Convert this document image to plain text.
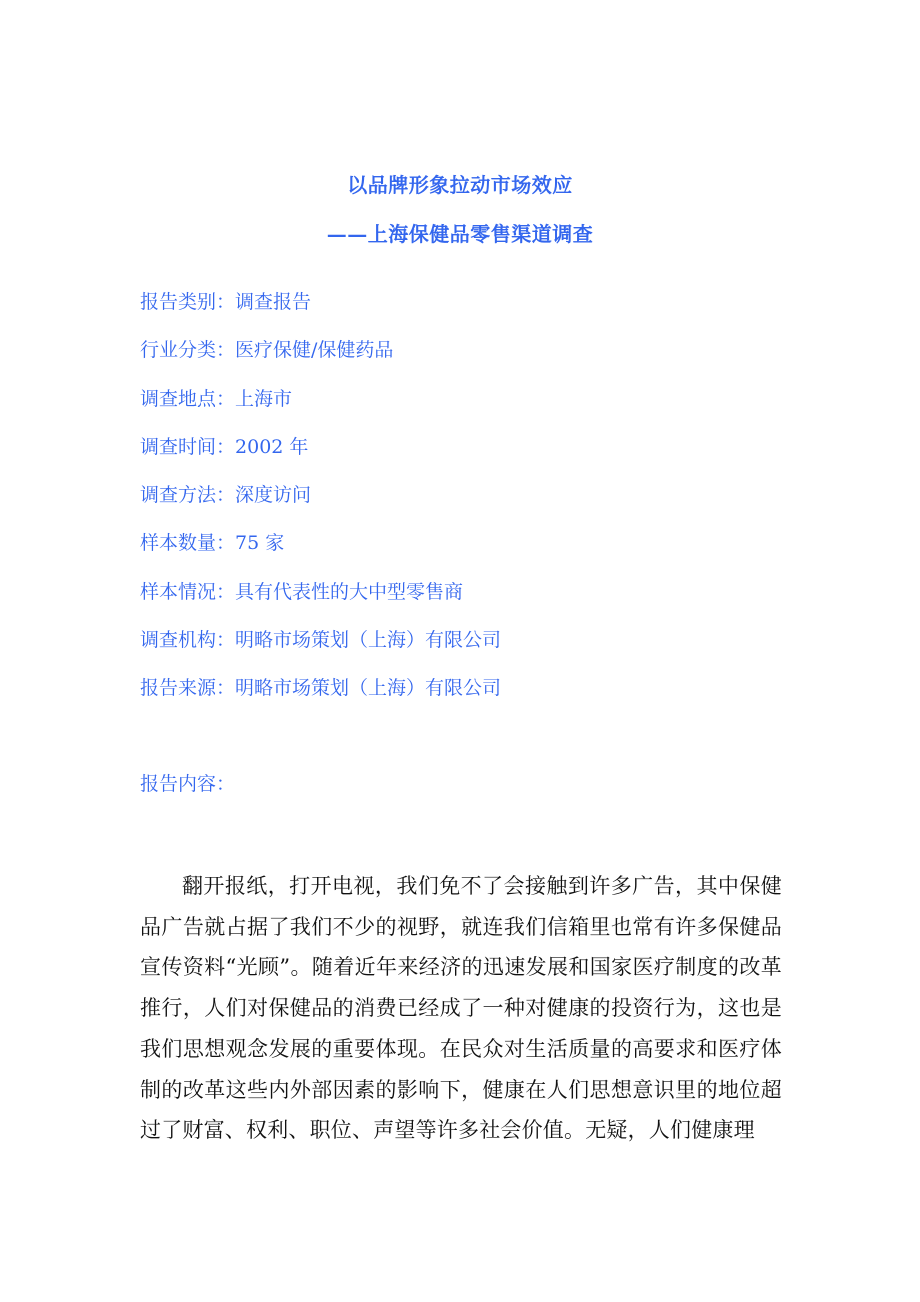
以品牌形象拉动市场效应
——上海保健品零售渠道调查
报告类别：调查报告
行业分类：医疗保健/保健药品
调查地点：上海市
调查时间：2002 年
调查方法：深度访问
样本数量：75 家
样本情况：具有代表性的大中型零售商
调查机构：明略市场策划（上海）有限公司
报告来源：明略市场策划（上海）有限公司
报告内容：

翻开报纸，打开电视，我们免不了会接触到许多广告，其中保健品广告就占据了我们不少的视野，就连我们信箱里也常有许多保健品宣传资料“光顾”。随着近年来经济的迅速发展和国家医疗制度的改革推行，人们对保健品的消费已经成了一种对健康的投资行为，这也是我们思想观念发展的重要体现。在民众对生活质量的高要求和医疗体制的改革这些内外部因素的影响下，健康在人们思想意识里的地位超过了财富、权利、职位、声望等许多社会价值。无疑，人们健康理
